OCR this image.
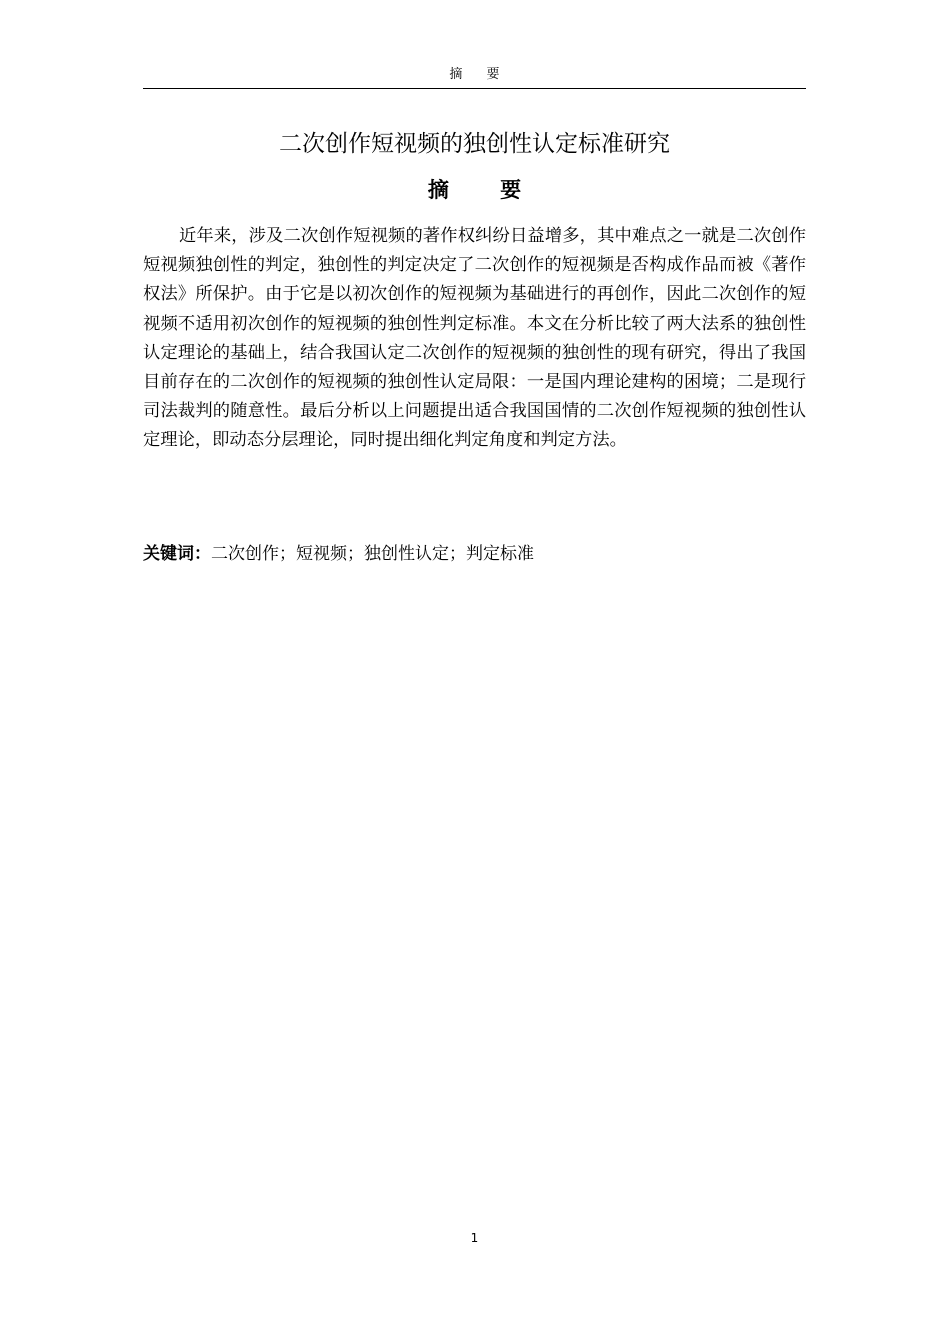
摘 要
二次创作短视频的独创性认定标准研究
摘 要

近年来，涉及二次创作短视频的著作权纠纷日益增多，其中难点之一就是二次创作短视频独创性的判定，独创性的判定决定了二次创作的短视频是否构成作品而被《著作权法》所保护。由于它是以初次创作的短视频为基础进行的再创作，因此二次创作的短视频不适用初次创作的短视频的独创性判定标准。本文在分析比较了两大法系的独创性认定理论的基础上，结合我国认定二次创作的短视频的独创性的现有研究，得出了我国目前存在的二次创作的短视频的独创性认定局限：一是国内理论建构的困境；二是现行司法裁判的随意性。最后分析以上问题提出适合我国国情的二次创作短视频的独创性认定理论，即动态分层理论，同时提出细化判定角度和判定方法。

关键词：二次创作；短视频；独创性认定；判定标准
1
